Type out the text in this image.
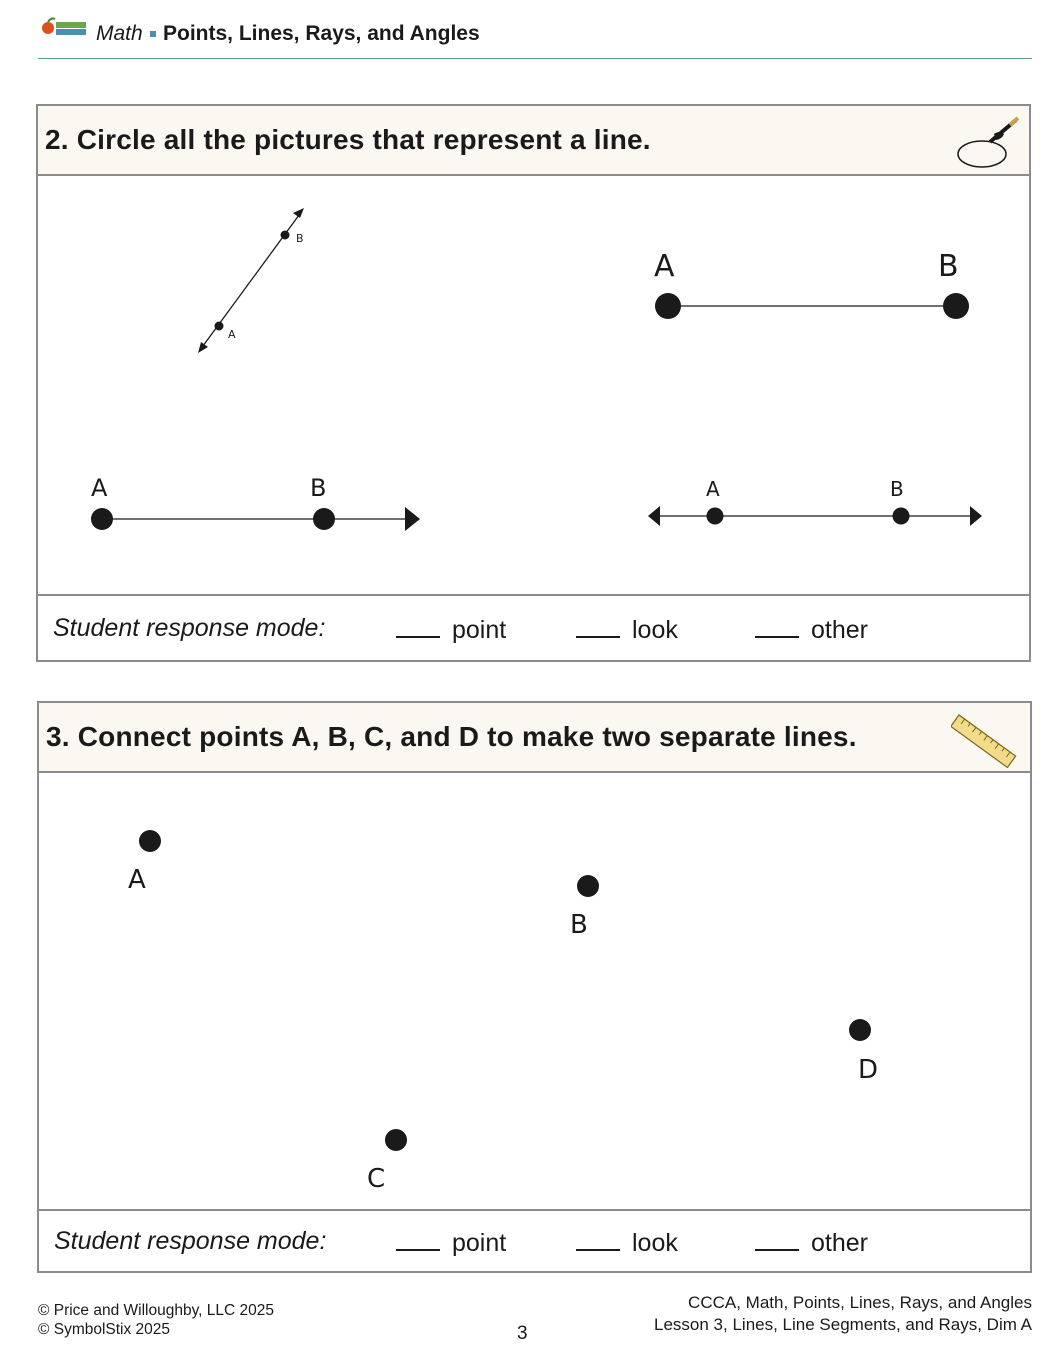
Math Points, Lines, Rays, and Angles
2. Circle all the pictures that represent a line.
B
A
A	B
A	B	A	B
Student response mode:	point	look	other
3. Connect points A, B, C, and D to make two separate lines.
A
B
C
D
Student response mode:	point	look	other
© Price and Willoughby, LLC 2025
© SymbolStix 2025	3
CCCA, Math, Points, Lines, Rays, and Angles
Lesson 3, Lines, Line Segments, and Rays, Dim A
